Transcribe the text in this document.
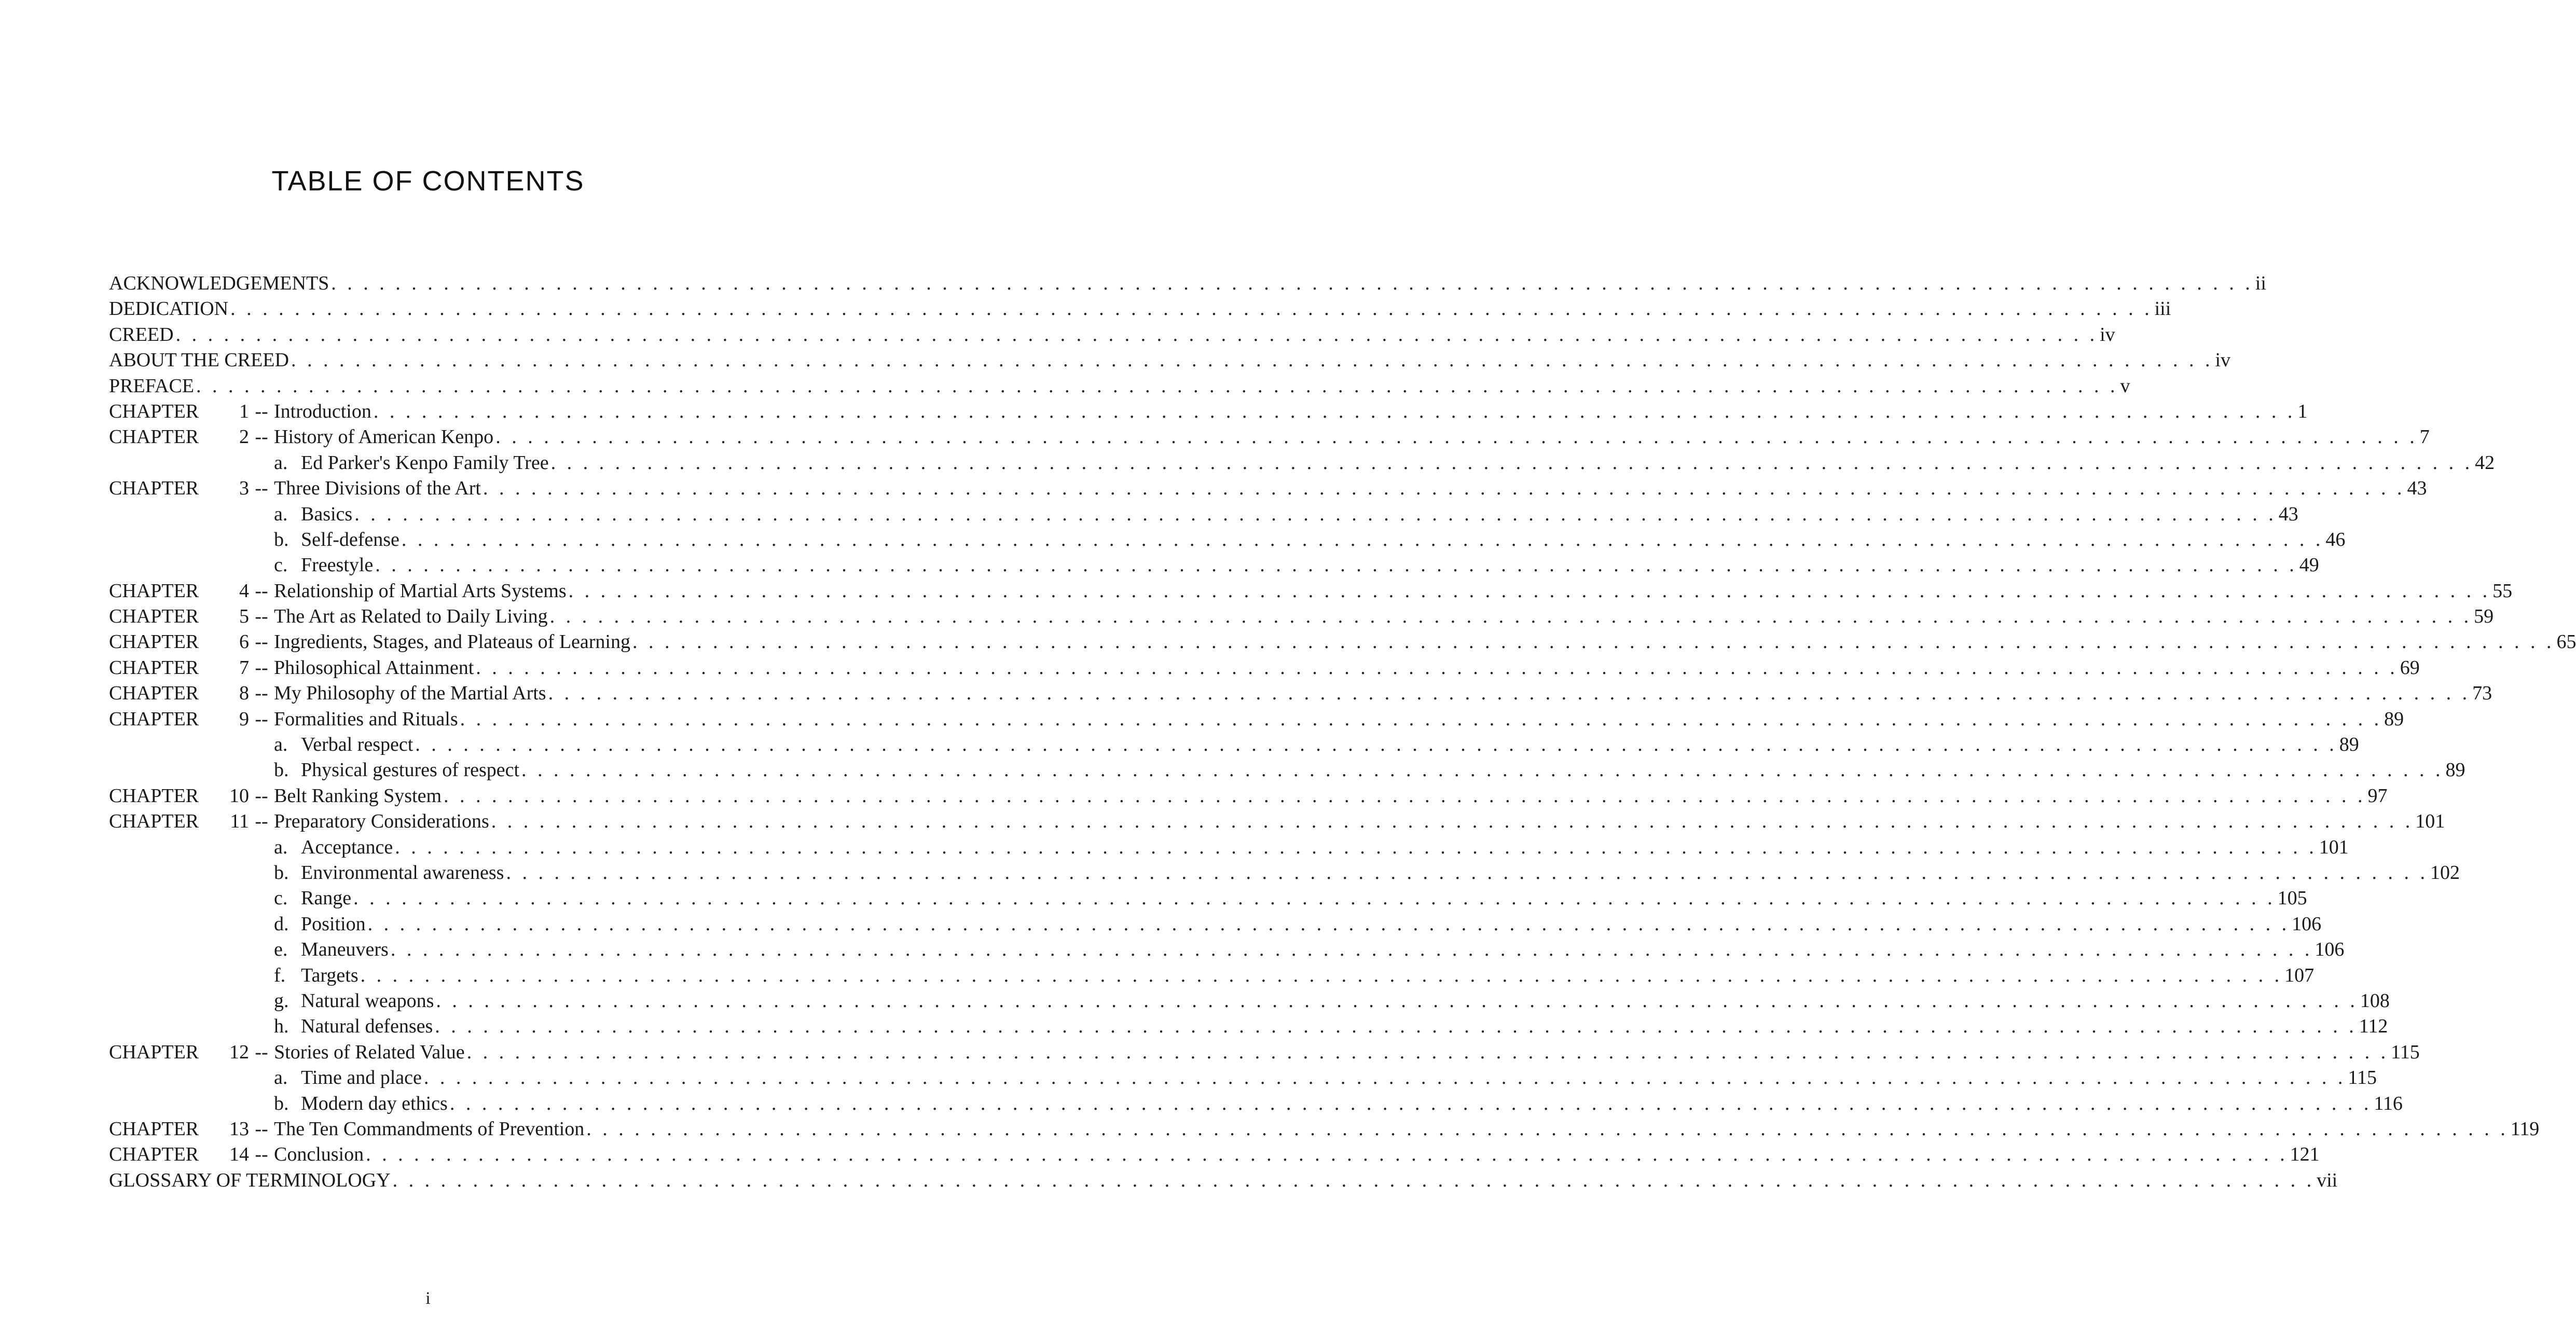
TABLE OF CONTENTS
ACKNOWLEDGEMENTS . . . . . . . . . . . . . . . . . . . . . . . . . . . . . . . . . . . . . . . . . . . . . . . . . . . . . . . . . . . . . . . . . . . . . . . . . . . . . . . . . . . . . . . . . . . . . . . . . . . . . . . . . . . . . . . . . . . . . . . . ii
DEDICATION . . . . . . . . . . . . . . . . . . . . . . . . . . . . . . . . . . . . . . . . . . . . . . . . . . . . . . . . . . . . . . . . . . . . . . . . . . . . . . . . . . . . . . . . . . . . . . . . . . . . . . . . . . . . . . . . . . . . . . . . iii
CREED . . . . . . . . . . . . . . . . . . . . . . . . . . . . . . . . . . . . . . . . . . . . . . . . . . . . . . . . . . . . . . . . . . . . . . . . . . . . . . . . . . . . . . . . . . . . . . . . . . . . . . . . . . . . . . . . . . . . . . . . iv
ABOUT THE CREED . . . . . . . . . . . . . . . . . . . . . . . . . . . . . . . . . . . . . . . . . . . . . . . . . . . . . . . . . . . . . . . . . . . . . . . . . . . . . . . . . . . . . . . . . . . . . . . . . . . . . . . . . . . . . . . . . . . . . . . . iv
PREFACE . . . . . . . . . . . . . . . . . . . . . . . . . . . . . . . . . . . . . . . . . . . . . . . . . . . . . . . . . . . . . . . . . . . . . . . . . . . . . . . . . . . . . . . . . . . . . . . . . . . . . . . . . . . . . . . . . . . . . . . . v
CHAPTER 1 -- Introduction . . . . . . . . . . . . . . . . . . . . . . . . . . . . . . . . . . . . . . . . . . . . . . . . . . . . . . . . . . . . . . . . . . . . . . . . . . . . . . . . . . . . . . . . . . . . . . . . . . . . . . . . . . . . . . . . . . . . . . . . 1
CHAPTER 2 -- History of American Kenpo . . . . . . . . . . . . . . . . . . . . . . . . . . . . . . . . . . . . . . . . . . . . . . . . . . . . . . . . . . . . . . . . . . . . . . . . . . . . . . . . . . . . . . . . . . . . . . . . . . . . . . . . . . . . . . . . . . . . . . . . 7
a. Ed Parker's Kenpo Family Tree . . . . . . . . . . . . . . . . . . . . . . . . . . . . . . . . . . . . . . . . . . . . . . . . . . . . . . . . . . . . . . . . . . . . . . . . . . . . . . . . . . . . . . . . . . . . . . . . . . . . . . . . . . . . . . . . . . . . . . . . 42
CHAPTER 3 -- Three Divisions of the Art . . . . . . . . . . . . . . . . . . . . . . . . . . . . . . . . . . . . . . . . . . . . . . . . . . . . . . . . . . . . . . . . . . . . . . . . . . . . . . . . . . . . . . . . . . . . . . . . . . . . . . . . . . . . . . . . . . . . . . . . 43
a. Basics . . . . . . . . . . . . . . . . . . . . . . . . . . . . . . . . . . . . . . . . . . . . . . . . . . . . . . . . . . . . . . . . . . . . . . . . . . . . . . . . . . . . . . . . . . . . . . . . . . . . . . . . . . . . . . . . . . . . . . . . 43
b. Self-defense . . . . . . . . . . . . . . . . . . . . . . . . . . . . . . . . . . . . . . . . . . . . . . . . . . . . . . . . . . . . . . . . . . . . . . . . . . . . . . . . . . . . . . . . . . . . . . . . . . . . . . . . . . . . . . . . . . . . . . . . 46
c. Freestyle . . . . . . . . . . . . . . . . . . . . . . . . . . . . . . . . . . . . . . . . . . . . . . . . . . . . . . . . . . . . . . . . . . . . . . . . . . . . . . . . . . . . . . . . . . . . . . . . . . . . . . . . . . . . . . . . . . . . . . . . 49
CHAPTER 4 -- Relationship of Martial Arts Systems . . . . . . . . . . . . . . . . . . . . . . . . . . . . . . . . . . . . . . . . . . . . . . . . . . . . . . . . . . . . . . . . . . . . . . . . . . . . . . . . . . . . . . . . . . . . . . . . . . . . . . . . . . . . . . . . . . . . . . . . 55
CHAPTER 5 -- The Art as Related to Daily Living . . . . . . . . . . . . . . . . . . . . . . . . . . . . . . . . . . . . . . . . . . . . . . . . . . . . . . . . . . . . . . . . . . . . . . . . . . . . . . . . . . . . . . . . . . . . . . . . . . . . . . . . . . . . . . . . . . . . . . . . 59
CHAPTER 6 -- Ingredients, Stages, and Plateaus of Learning . . . . . . . . . . . . . . . . . . . . . . . . . . . . . . . . . . . . . . . . . . . . . . . . . . . . . . . . . . . . . . . . . . . . . . . . . . . . . . . . . . . . . . . . . . . . . . . . . . . . . . . . . . . . . . . . . . . . . . . . 65
CHAPTER 7 -- Philosophical Attainment . . . . . . . . . . . . . . . . . . . . . . . . . . . . . . . . . . . . . . . . . . . . . . . . . . . . . . . . . . . . . . . . . . . . . . . . . . . . . . . . . . . . . . . . . . . . . . . . . . . . . . . . . . . . . . . . . . . . . . . . 69
CHAPTER 8 -- My Philosophy of the Martial Arts . . . . . . . . . . . . . . . . . . . . . . . . . . . . . . . . . . . . . . . . . . . . . . . . . . . . . . . . . . . . . . . . . . . . . . . . . . . . . . . . . . . . . . . . . . . . . . . . . . . . . . . . . . . . . . . . . . . . . . . . 73
CHAPTER 9 -- Formalities and Rituals . . . . . . . . . . . . . . . . . . . . . . . . . . . . . . . . . . . . . . . . . . . . . . . . . . . . . . . . . . . . . . . . . . . . . . . . . . . . . . . . . . . . . . . . . . . . . . . . . . . . . . . . . . . . . . . . . . . . . . . . 89
a. Verbal respect . . . . . . . . . . . . . . . . . . . . . . . . . . . . . . . . . . . . . . . . . . . . . . . . . . . . . . . . . . . . . . . . . . . . . . . . . . . . . . . . . . . . . . . . . . . . . . . . . . . . . . . . . . . . . . . . . . . . . . . . 89
b. Physical gestures of respect . . . . . . . . . . . . . . . . . . . . . . . . . . . . . . . . . . . . . . . . . . . . . . . . . . . . . . . . . . . . . . . . . . . . . . . . . . . . . . . . . . . . . . . . . . . . . . . . . . . . . . . . . . . . . . . . . . . . . . . . 89
CHAPTER 10 -- Belt Ranking System . . . . . . . . . . . . . . . . . . . . . . . . . . . . . . . . . . . . . . . . . . . . . . . . . . . . . . . . . . . . . . . . . . . . . . . . . . . . . . . . . . . . . . . . . . . . . . . . . . . . . . . . . . . . . . . . . . . . . . . . 97
CHAPTER 11 -- Preparatory Considerations . . . . . . . . . . . . . . . . . . . . . . . . . . . . . . . . . . . . . . . . . . . . . . . . . . . . . . . . . . . . . . . . . . . . . . . . . . . . . . . . . . . . . . . . . . . . . . . . . . . . . . . . . . . . . . . . . . . . . . . . 101
a. Acceptance . . . . . . . . . . . . . . . . . . . . . . . . . . . . . . . . . . . . . . . . . . . . . . . . . . . . . . . . . . . . . . . . . . . . . . . . . . . . . . . . . . . . . . . . . . . . . . . . . . . . . . . . . . . . . . . . . . . . . . . . 101
b. Environmental awareness . . . . . . . . . . . . . . . . . . . . . . . . . . . . . . . . . . . . . . . . . . . . . . . . . . . . . . . . . . . . . . . . . . . . . . . . . . . . . . . . . . . . . . . . . . . . . . . . . . . . . . . . . . . . . . . . . . . . . . . . 102
c. Range . . . . . . . . . . . . . . . . . . . . . . . . . . . . . . . . . . . . . . . . . . . . . . . . . . . . . . . . . . . . . . . . . . . . . . . . . . . . . . . . . . . . . . . . . . . . . . . . . . . . . . . . . . . . . . . . . . . . . . . . 105
d. Position . . . . . . . . . . . . . . . . . . . . . . . . . . . . . . . . . . . . . . . . . . . . . . . . . . . . . . . . . . . . . . . . . . . . . . . . . . . . . . . . . . . . . . . . . . . . . . . . . . . . . . . . . . . . . . . . . . . . . . . . 106
e. Maneuvers . . . . . . . . . . . . . . . . . . . . . . . . . . . . . . . . . . . . . . . . . . . . . . . . . . . . . . . . . . . . . . . . . . . . . . . . . . . . . . . . . . . . . . . . . . . . . . . . . . . . . . . . . . . . . . . . . . . . . . . . 106
f. Targets . . . . . . . . . . . . . . . . . . . . . . . . . . . . . . . . . . . . . . . . . . . . . . . . . . . . . . . . . . . . . . . . . . . . . . . . . . . . . . . . . . . . . . . . . . . . . . . . . . . . . . . . . . . . . . . . . . . . . . . . 107
g. Natural weapons . . . . . . . . . . . . . . . . . . . . . . . . . . . . . . . . . . . . . . . . . . . . . . . . . . . . . . . . . . . . . . . . . . . . . . . . . . . . . . . . . . . . . . . . . . . . . . . . . . . . . . . . . . . . . . . . . . . . . . . . 108
h. Natural defenses . . . . . . . . . . . . . . . . . . . . . . . . . . . . . . . . . . . . . . . . . . . . . . . . . . . . . . . . . . . . . . . . . . . . . . . . . . . . . . . . . . . . . . . . . . . . . . . . . . . . . . . . . . . . . . . . . . . . . . . . 112
CHAPTER 12 -- Stories of Related Value . . . . . . . . . . . . . . . . . . . . . . . . . . . . . . . . . . . . . . . . . . . . . . . . . . . . . . . . . . . . . . . . . . . . . . . . . . . . . . . . . . . . . . . . . . . . . . . . . . . . . . . . . . . . . . . . . . . . . . . . 115
a. Time and place . . . . . . . . . . . . . . . . . . . . . . . . . . . . . . . . . . . . . . . . . . . . . . . . . . . . . . . . . . . . . . . . . . . . . . . . . . . . . . . . . . . . . . . . . . . . . . . . . . . . . . . . . . . . . . . . . . . . . . . . 115
b. Modern day ethics . . . . . . . . . . . . . . . . . . . . . . . . . . . . . . . . . . . . . . . . . . . . . . . . . . . . . . . . . . . . . . . . . . . . . . . . . . . . . . . . . . . . . . . . . . . . . . . . . . . . . . . . . . . . . . . . . . . . . . . . 116
CHAPTER 13 -- The Ten Commandments of Prevention . . . . . . . . . . . . . . . . . . . . . . . . . . . . . . . . . . . . . . . . . . . . . . . . . . . . . . . . . . . . . . . . . . . . . . . . . . . . . . . . . . . . . . . . . . . . . . . . . . . . . . . . . . . . . . . . . . . . . . . . 119
CHAPTER 14 -- Conclusion . . . . . . . . . . . . . . . . . . . . . . . . . . . . . . . . . . . . . . . . . . . . . . . . . . . . . . . . . . . . . . . . . . . . . . . . . . . . . . . . . . . . . . . . . . . . . . . . . . . . . . . . . . . . . . . . . . . . . . . . 121
GLOSSARY OF TERMINOLOGY . . . . . . . . . . . . . . . . . . . . . . . . . . . . . . . . . . . . . . . . . . . . . . . . . . . . . . . . . . . . . . . . . . . . . . . . . . . . . . . . . . . . . . . . . . . . . . . . . . . . . . . . . . . . . . . . . . . . . . . . vii
i
